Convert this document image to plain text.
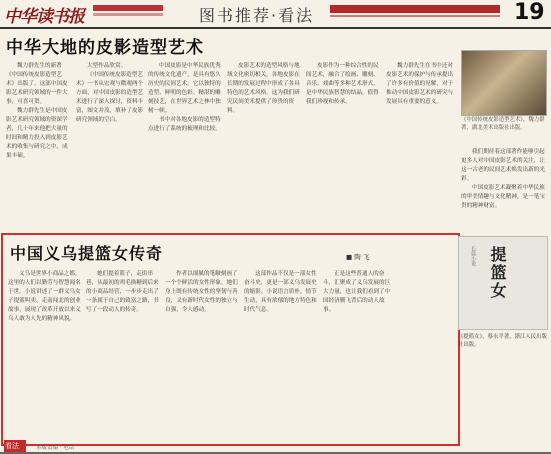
中华读书报	图书推荐·看法	19
中华大地的皮影造型艺术

魏力群先生的新著《中国传统皮影造型艺术》出版了。这部中国皮影艺术研究领域的一件大事，可喜可贺。

魏力群先生是中国皮影艺术研究领域的资深学者，几十年来他把大量的时间和精力投入到皮影艺术的收集与研究之中，成果丰硕。

大型作品欣赏。

《中国传统皮影造型艺术》一书从宏观与微观两个方面，对中国皮影的造型艺术进行了深入探讨，资料丰富，图文并茂，填补了皮影研究领域的空白。

中国皮影是中华民族优秀的传统文化遗产，是具有悠久历史的民间艺术。它以独特的造型、鲜明的色彩、精湛的雕刻技艺，在世界艺术之林中独树一帜。

书中对各地皮影的造型特点进行了系统的梳理和比较。

皮影艺术的造型风格与地域文化密切相关，各地皮影在长期的发展过程中形成了各具特色的艺术风格，这为我们研究民间美术提供了珍贵的资料。

皮影作为一种综合性的民间艺术，融合了绘画、雕刻、音乐、戏曲等多种艺术形式，是中华民族智慧的结晶，值得我们珍视和传承。

魏力群先生在书中还对皮影艺术的保护与传承提出了许多有价值的见解，对于推动中国皮影艺术的研究与发展具有重要的意义。

《中国传统皮影造型艺术》，魏力群著，湖北美术出版社出版。

我们期待着这部著作能够引起更多人对中国皮影艺术的关注，让这一古老的民间艺术焕发出新的光彩。

中国皮影艺术凝聚着中华民族的审美情趣与文化精神，是一笔宝贵的精神财富。

中国义乌提篮女传奇	■ 陶 飞

义乌是世界小商品之都，这里的人们以勤劳与智慧闻名于世。小说讲述了一群义乌女子提篮叫卖、走南闯北的创业故事，展现了改革开放以来义乌人敢为人先的精神风貌。

她们提着篮子，走街串巷，从最初的鸡毛换糖到后来的小商品经营，一步步走出了一条属于自己的致富之路，书写了一段动人的传奇。

作者以细腻的笔触刻画了一个个鲜活的女性形象，她们身上既有传统女性的坚韧与善良，又有新时代女性的独立与自强，令人感动。

这部作品不仅是一部女性奋斗史，更是一部义乌发展史的缩影。小说语言质朴，情节生动，具有浓郁的地方特色和时代气息。

正是这些普通人的奋斗，汇聚成了义乌发展的巨大力量，也让我们看到了中国经济腾飞背后的动人故事。

提篮女
长篇小说
《提篮女》，蔡永平著，浙江人民出版社出版。
看法	本版责编 · 电话
